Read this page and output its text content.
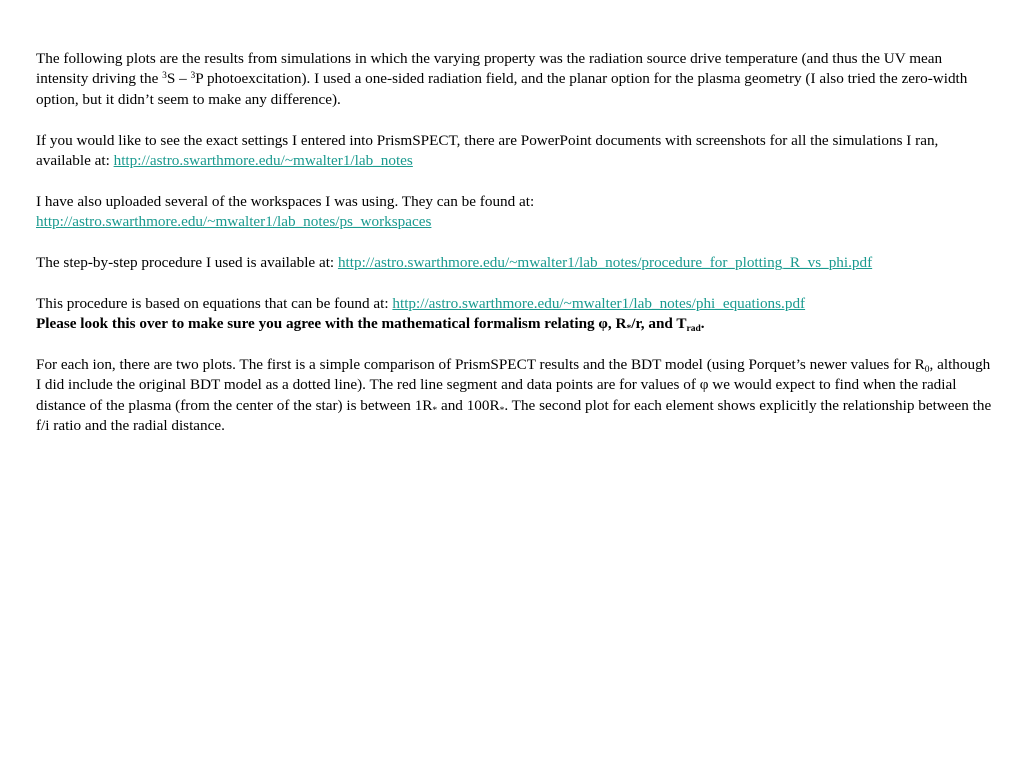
The following plots are the results from simulations in which the varying property was the radiation source drive temperature (and thus the UV mean intensity driving the $^3$S – $^3$P photoexcitation). I used a one-sided radiation field, and the planar option for the plasma geometry (I also tried the zero-width option, but it didn’t seem to make any difference).

If you would like to see the exact settings I entered into PrismSPECT, there are PowerPoint documents with screenshots for all the simulations I ran, available at: http://astro.swarthmore.edu/~mwalter1/lab_notes

I have also uploaded several of the workspaces I was using. They can be found at:
http://astro.swarthmore.edu/~mwalter1/lab_notes/ps_workspaces

The step-by-step procedure I used is available at: http://astro.swarthmore.edu/~mwalter1/lab_notes/procedure_for_plotting_R_vs_phi.pdf

This procedure is based on equations that can be found at: http://astro.swarthmore.edu/~mwalter1/lab_notes/phi_equations.pdf
Please look this over to make sure you agree with the mathematical formalism relating φ, $R_*/r$, and $T_{rad}$.

For each ion, there are two plots. The first is a simple comparison of PrismSPECT results and the BDT model (using Porquet’s newer values for $R_0$, although I did include the original BDT model as a dotted line). The red line segment and data points are for values of φ we would expect to find when the radial distance of the plasma (from the center of the star) is between $1R_*$ and $100R_*$. The second plot for each element shows explicitly the relationship between the f/i ratio and the radial distance.
